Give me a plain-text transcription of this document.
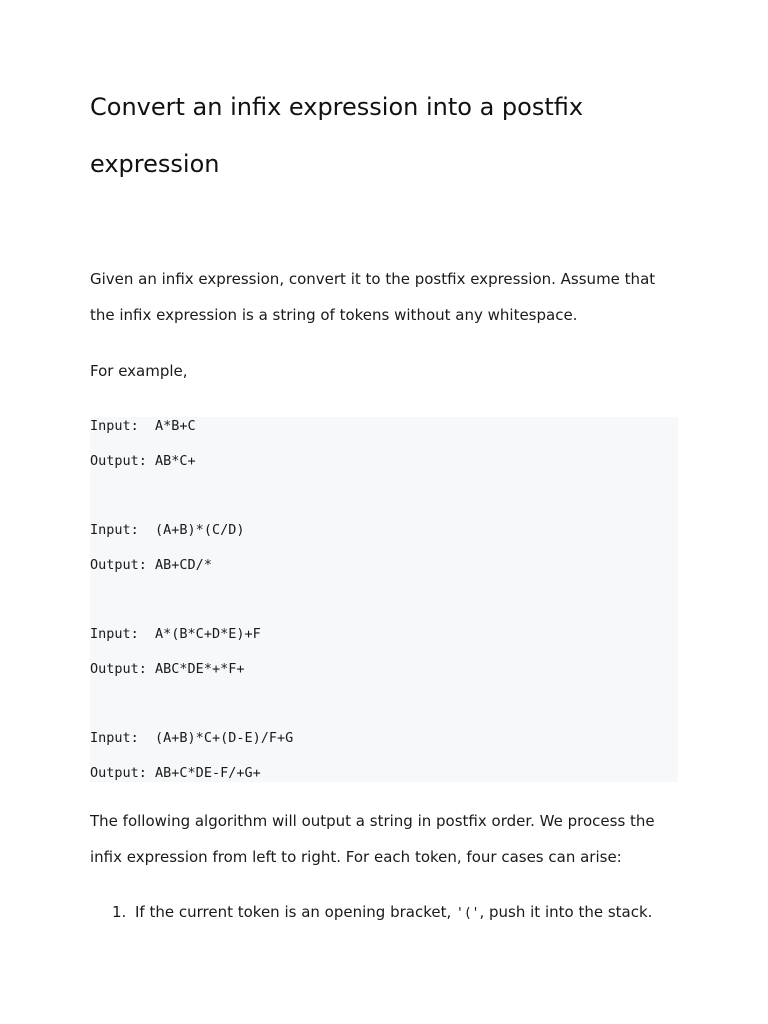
Convert an infix expression into a postfix expression

Given an infix expression, convert it to the postfix expression. Assume that the infix expression is a string of tokens without any whitespace.

For example,

Input: A*B+C
Output: AB*C+
Input: (A+B)*(C/D)
Output: AB+CD/*
Input: A*(B*C+D*E)+F
Output: ABC*DE*+*F+
Input: (A+B)*C+(D-E)/F+G
Output: AB+C*DE-F/+G+

The following algorithm will output a string in postfix order. We process the infix expression from left to right. For each token, four cases can arise:

1. If the current token is an opening bracket, '(', push it into the stack.
